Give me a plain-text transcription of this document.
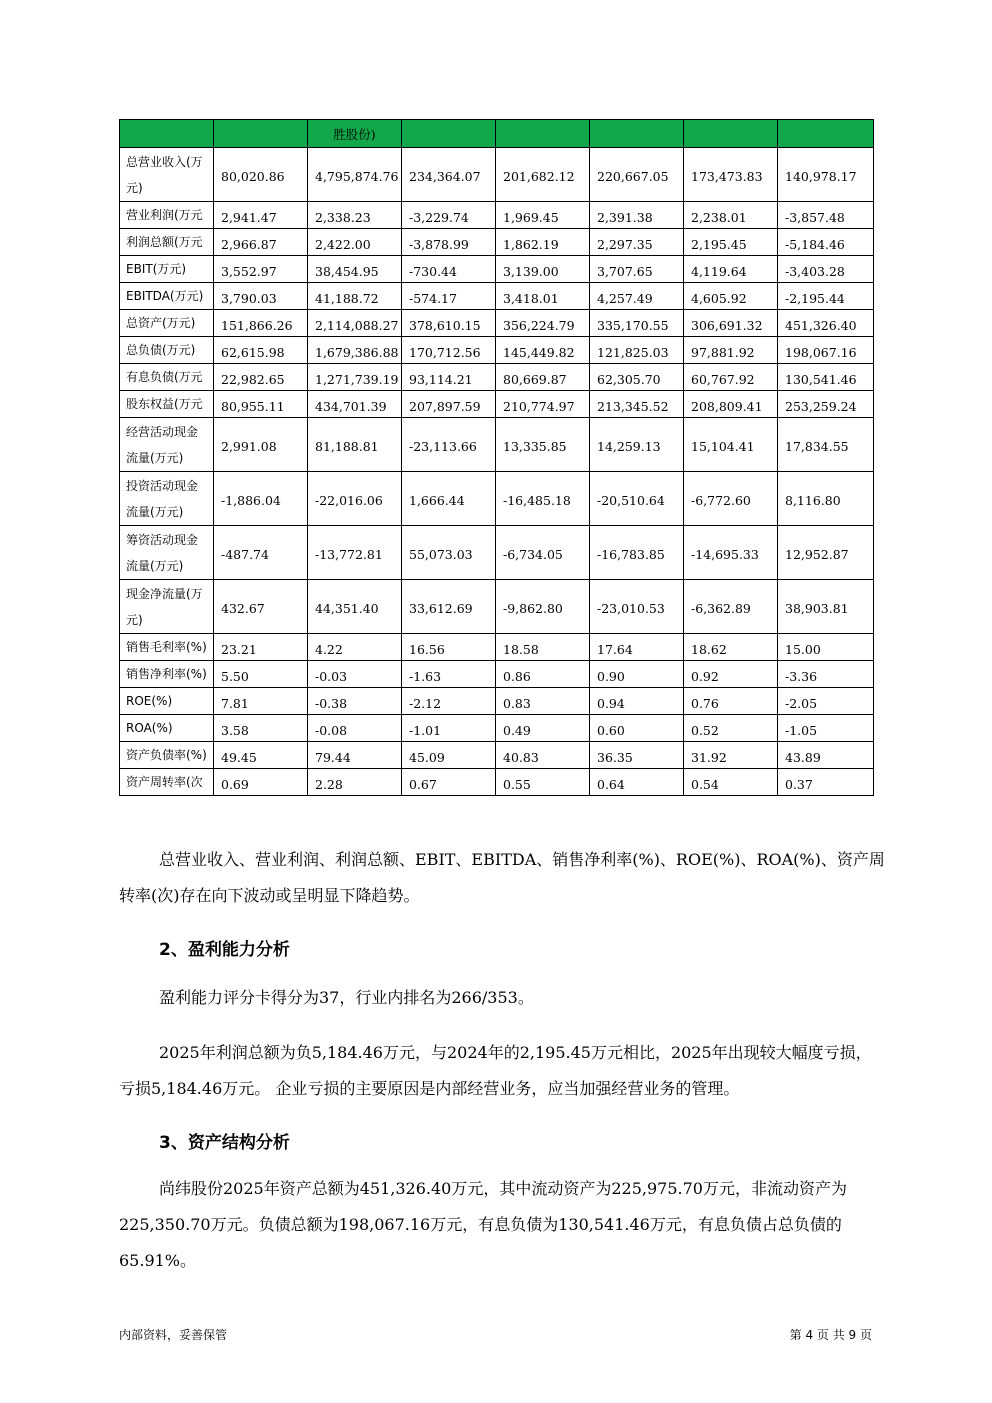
		胜股份)					
总营业收入(万元)	80,020.86	4,795,874.76	234,364.07	201,682.12	220,667.05	173,473.83	140,978.17
营业利润(万元	2,941.47	2,338.23	-3,229.74	1,969.45	2,391.38	2,238.01	-3,857.48
利润总额(万元	2,966.87	2,422.00	-3,878.99	1,862.19	2,297.35	2,195.45	-5,184.46
EBIT(万元)	3,552.97	38,454.95	-730.44	3,139.00	3,707.65	4,119.64	-3,403.28
EBITDA(万元)	3,790.03	41,188.72	-574.17	3,418.01	4,257.49	4,605.92	-2,195.44
总资产(万元)	151,866.26	2,114,088.27	378,610.15	356,224.79	335,170.55	306,691.32	451,326.40
总负债(万元)	62,615.98	1,679,386.88	170,712.56	145,449.82	121,825.03	97,881.92	198,067.16
有息负债(万元	22,982.65	1,271,739.19	93,114.21	80,669.87	62,305.70	60,767.92	130,541.46
股东权益(万元	80,955.11	434,701.39	207,897.59	210,774.97	213,345.52	208,809.41	253,259.24
经营活动现金流量(万元)	2,991.08	81,188.81	-23,113.66	13,335.85	14,259.13	15,104.41	17,834.55
投资活动现金流量(万元)	-1,886.04	-22,016.06	1,666.44	-16,485.18	-20,510.64	-6,772.60	8,116.80
筹资活动现金流量(万元)	-487.74	-13,772.81	55,073.03	-6,734.05	-16,783.85	-14,695.33	12,952.87
现金净流量(万元)	432.67	44,351.40	33,612.69	-9,862.80	-23,010.53	-6,362.89	38,903.81
销售毛利率(%)	23.21	4.22	16.56	18.58	17.64	18.62	15.00
销售净利率(%)	5.50	-0.03	-1.63	0.86	0.90	0.92	-3.36
ROE(%)	7.81	-0.38	-2.12	0.83	0.94	0.76	-2.05
ROA(%)	3.58	-0.08	-1.01	0.49	0.60	0.52	-1.05
资产负债率(%)	49.45	79.44	45.09	40.83	36.35	31.92	43.89
资产周转率(次	0.69	2.28	0.67	0.55	0.64	0.54	0.37

总营业收入、营业利润、利润总额、EBIT、EBITDA、销售净利率(%)、ROE(%)、ROA(%)、资产周转率(次)存在向下波动或呈明显下降趋势。

2、盈利能力分析

盈利能力评分卡得分为37，行业内排名为266/353。

2025年利润总额为负5,184.46万元，与2024年的2,195.45万元相比，2025年出现较大幅度亏损，亏损5,184.46万元。 企业亏损的主要原因是内部经营业务，应当加强经营业务的管理。

3、资产结构分析

尚纬股份2025年资产总额为451,326.40万元，其中流动资产为225,975.70万元，非流动资产为225,350.70万元。负债总额为198,067.16万元，有息负债为130,541.46万元，有息负债占总负债的65.91%。

内部资料，妥善保管	第 4 页 共 9 页
